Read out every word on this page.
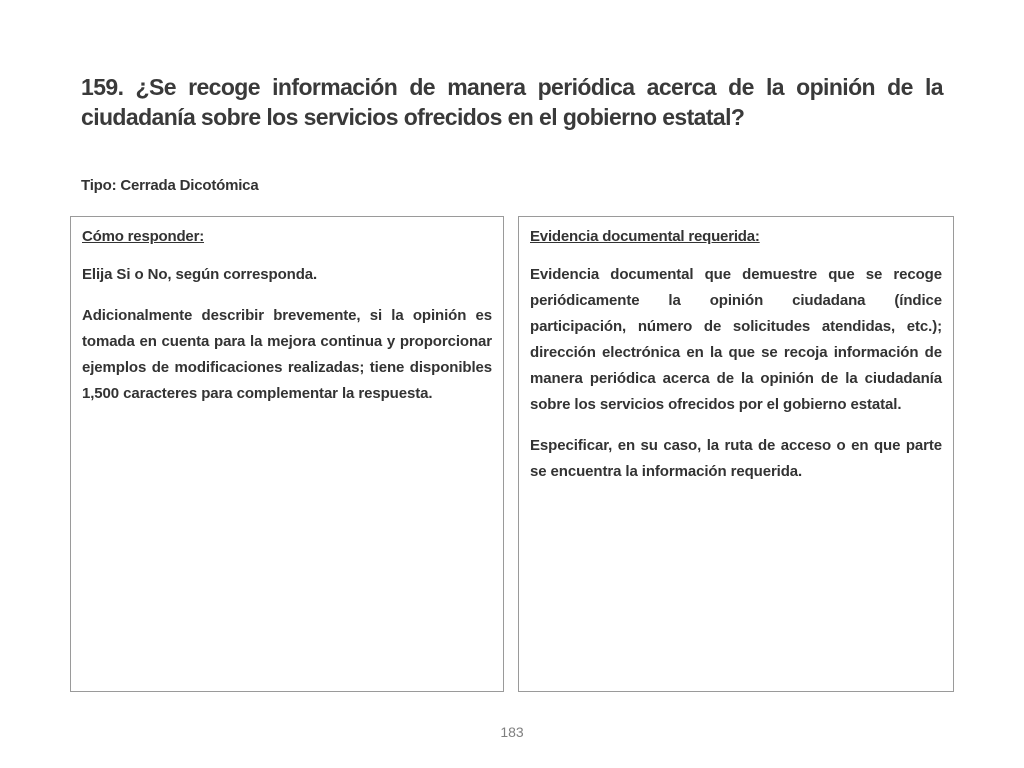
159. ¿Se recoge información de manera periódica acerca de la opinión de la ciudadanía sobre los servicios ofrecidos en el gobierno estatal?
Tipo: Cerrada Dicotómica
Cómo responder:

Elija Si o No, según corresponda.

Adicionalmente describir brevemente, si la opinión es tomada en cuenta para la mejora continua y proporcionar ejemplos de modificaciones realizadas; tiene disponibles 1,500 caracteres para complementar la respuesta.

Evidencia documental requerida:

Evidencia documental que demuestre que se recoge periódicamente la opinión ciudadana (índice participación, número de solicitudes atendidas, etc.); dirección electrónica en la que se recoja información de manera periódica acerca de la opinión de la ciudadanía sobre los servicios ofrecidos por el gobierno estatal.

Especificar, en su caso, la ruta de acceso o en que parte se encuentra la información requerida.

183
